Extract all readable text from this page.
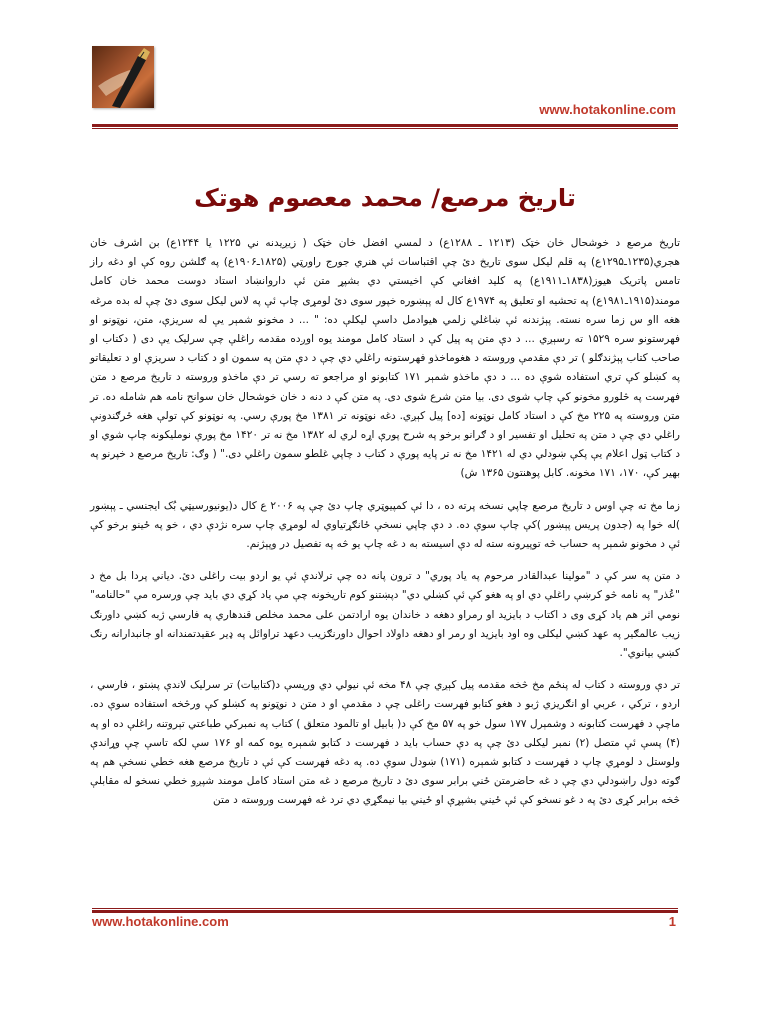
www.hotakonline.com
تاریخ مرصع/ محمد معصوم هوتک

تاریخ مرصع د خوشحال خان خټک (۱۲۱۳ ـ ۱۲۸۸ع) د لمسي افضل خان خټک ( زیږیدنه ني ۱۲۲۵ یا ۱۲۴۴ع) بن اشرف خان هجري(۱۲۳۵ـ۱۲۹۵ع) په قلم لیکل سوی تاریخ دئ چې اقتباسات ئې هنري جورج راورټي (۱۸۲۵ـ۱۹۰۶ع) په ګلشن روه کې او دغه راز تامس پاتریک هیوز(۱۸۳۸ـ۱۹۱۱ع) په کلید افغاني کې اخیستي دي بشپړ متن ئې داروانښاد استاد دوست محمد خان کامل مومند(۱۹۱۵ـ۱۹۸۱ع) په تحشیه او تعلیق په ۱۹۷۴ع کال له پېښوره خپور سوی دئ لومړی چاپ ئې په لاس لیکل سوی دئ چې له بده مرغه هغه ااو س زما سره نسته. پېژندنه ئې ښاغلي زلمي هیوادمل داسې لیکلې ده: " ... د مخونو شمېر یې له سریزې، متن، نوټونو او فهرستونو سره ۱۵۲۹ ته رسېږي ... د دې متن په پیل کې د استاد کامل مومند یوه اوږده مقدمه راغلې چې سرلیک یې دی ( دکتاب او صاحب کتاب پېژندګلو ) تر دې مقدمې وروسته د هغوماخذو فهرستونه راغلي دي چې د دې متن په سمون او د کتاب د سریزې او د تعلیقاتو په کښلو کې تري استفاده شوې ده ... د دې ماخذو شمېر ۱۷۱ کتابونو او مراجعو ته رسي تر دې ماخذو وروسته د تاریخ مرصع د متن فهرست په څلورو مخونو کې چاپ شوی دی. بیا متن شرع شوی دی. په متن کې د دنه د خان خوشحال خان سوانح نامه هم شامله ده. تر متن وروسته په ۲۲۵ مخ کې د استاد کامل نوټونه [ده] پیل کېږي. دغه نوټونه تر ۱۳۸۱ مخ پورې رسي. په نوټونو کې تولې هغه ځرګندونې راغلي دي چې د متن په تحلیل او تفسیر او د ګرانو برخو په شرح پورې اړه لري له ۱۳۸۲ مخ نه تر ۱۴۲۰ مخ پورې نوملیکونه چاپ شوي او د کتاب ټول اعلام یې پکې ښودلي دي له ۱۴۲۱ مخ نه تر پایه پورې د کتاب د چاپي غلطو سمون راغلي دی." ( وګ: تاریخ مرصع د خپرنو په بهیر کې، ۱۷۰، ۱۷۱ مخونه. کابل پوهنتون ۱۳۶۵ ش)

زما مخ ته چې اوس د تاریخ مرصع چاپي نسخه پرته ده ، دا ئې کمپیوټري چاپ دئ چې په ۲۰۰۶ ع کال د(یونیورسیټي بُک ایجنسي ـ پېښور )له خوا په (جدون پریس پېښور )کې چاپ سوې ده. د دې چاپي نسخې ځانګړتیاوي له لومړي چاپ سره نژدې دي ، خو په ځینو برخو کې ئې د مخونو شمېر په حساب څه توپیرونه سته له دې اسیسته به د غه چاپ یو څه په تفصیل در وپېژنم.

د متن په سر کې د "مولینا عبدالقادر مرحوم په یاد پوري" د ترون پانه ده چې ترلاندې ئې یو اردو بیت راغلی دئ. دیاني پردا بل مخ د "عُذر" په نامه څو کرښې راغلې دي او په هغو کې ئې کښلي دي" دپښتنو کوم تاریخونه چې مې یاد کړي دي باید چې ورسره مې "حالنامه" نومي اثر هم یاد کړی وی د اکتاب د بایزید او رمراو دهغه د خاندان یوه ارادتمن علی محمد مخلص قندهاري په فارسي ژبه کښي داورنګ زیب عالمګیر په عهد کښي لیکلی وه اود بایزید او رمر او دهغه داولاد احوال داورنګزیب دعهد تراوائل په ډیر عقیدتمندانه او جانبدارانه رنګ کښي بیانوي".

تر دې وروسته د کتاب له پنځم مخ څخه مقدمه پیل کېږي چې ۴۸ مخه ئې نیولي دي وریسې د(کتابیات) تر سرلیک لاندې پښتو ، فارسي ، اردو ، ترکي ، عربي او انګریزي ژبو د هغو کتابو فهرست راغلی چې د مقدمې او د متن د نوټونو په کښلو کې ورڅخه استفاده سوې ده. ماچې د فهرست کتابونه د وشمېرل ۱۷۷ سول خو په ۵۷ مخ کې د( بابیل او تالمود متعلق ) کتاب په نمبرکي طباعتي تېروتنه راغلې ده او په (۴) پسې ئې متصل (۲) نمبر لیکلی دئ چې په دې حساب باید د فهرست د کتابو شمېره یوه کمه او ۱۷۶ سې لکه تاسې چې وړاندې ولوستل د لومړي چاپ د فهرست د کتابو شمېره (۱۷۱) ښودل سوې ده. په دغه فهرست کې ئې د تاریخ مرصع هغه خطي نسخې هم په ګوته دول راښودلي دي چې د غه حاضرمتن ځني برابر سوی دئ د تاریخ مرصع د غه متن استاد کامل مومند شپږو خطي نسخو له مقابلې څخه برابر کړی دئ په د غو نسخو کې ئې ځیني بشپړې او ځیني بیا نیمګړي دي ترد غه فهرست وروسته د متن

www.hotakonline.com	1
